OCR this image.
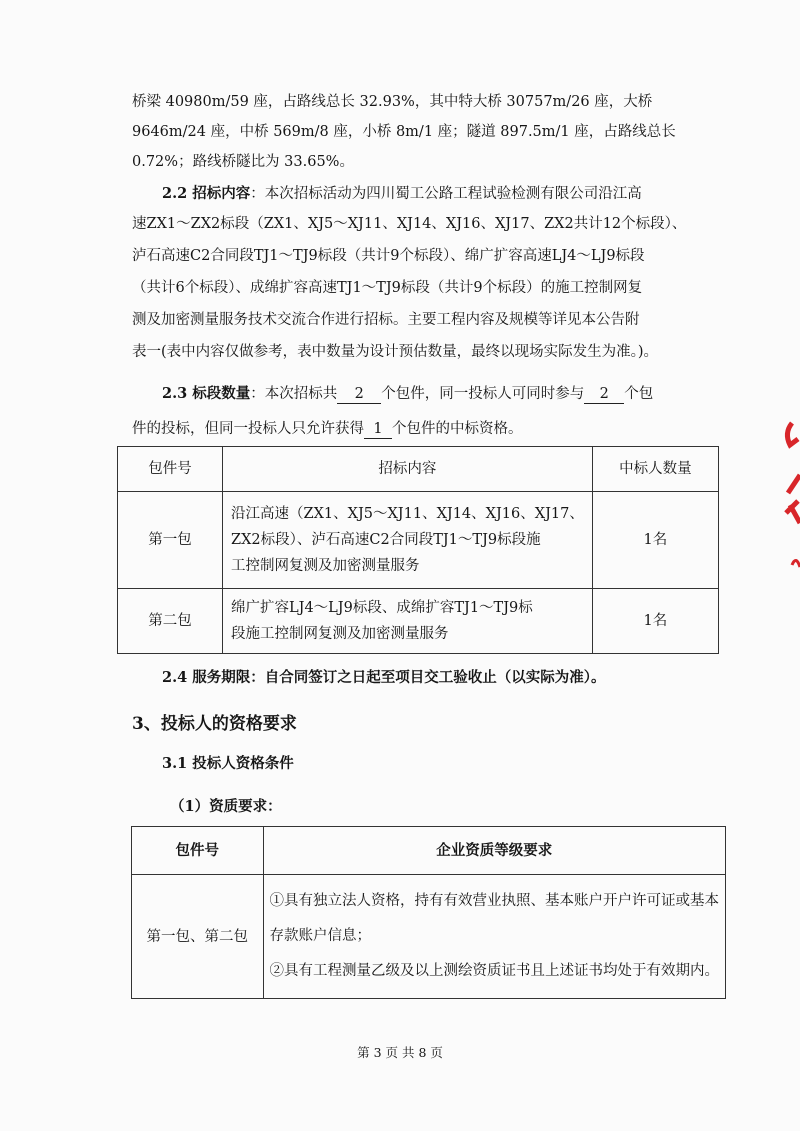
桥梁 40980m/59 座，占路线总长 32.93%，其中特大桥 30757m/26 座，大桥
9646m/24 座，中桥 569m/8 座，小桥 8m/1 座；隧道 897.5m/1 座，占路线总长
0.72%；路线桥隧比为 33.65%。
2.2 招标内容：本次招标活动为四川蜀工公路工程试验检测有限公司沿江高
速ZX1～ZX2标段（ZX1、XJ5～XJ11、XJ14、XJ16、XJ17、ZX2共计12个标段）、
泸石高速C2合同段TJ1～TJ9标段（共计9个标段）、绵广扩容高速LJ4～LJ9标段
（共计6个标段）、成绵扩容高速TJ1～TJ9标段（共计9个标段）的施工控制网复
测及加密测量服务技术交流合作进行招标。主要工程内容及规模等详见本公告附
表一(表中内容仅做参考，表中数量为设计预估数量，最终以现场实际发生为准。)。
2.3 标段数量：本次招标共 2 个包件，同一投标人可同时参与 2 个包
件的投标，但同一投标人只允许获得 1 个包件的中标资格。
包件号	招标内容	中标人数量
第一包	沿江高速（ZX1、XJ5～XJ11、XJ14、XJ16、XJ17、
ZX2标段）、泸石高速C2合同段TJ1～TJ9标段施
工控制网复测及加密测量服务	1名
第二包	绵广扩容LJ4～LJ9标段、成绵扩容TJ1～TJ9标
段施工控制网复测及加密测量服务	1名
2.4 服务期限：自合同签订之日起至项目交工验收止（以实际为准）。
3、投标人的资格要求
3.1 投标人资格条件
（1）资质要求：
包件号	企业资质等级要求
第一包、第二包	①具有独立法人资格，持有有效营业执照、基本账户开户许可证或基本
存款账户信息；
②具有工程测量乙级及以上测绘资质证书且上述证书均处于有效期内。
第 3 页 共 8 页
